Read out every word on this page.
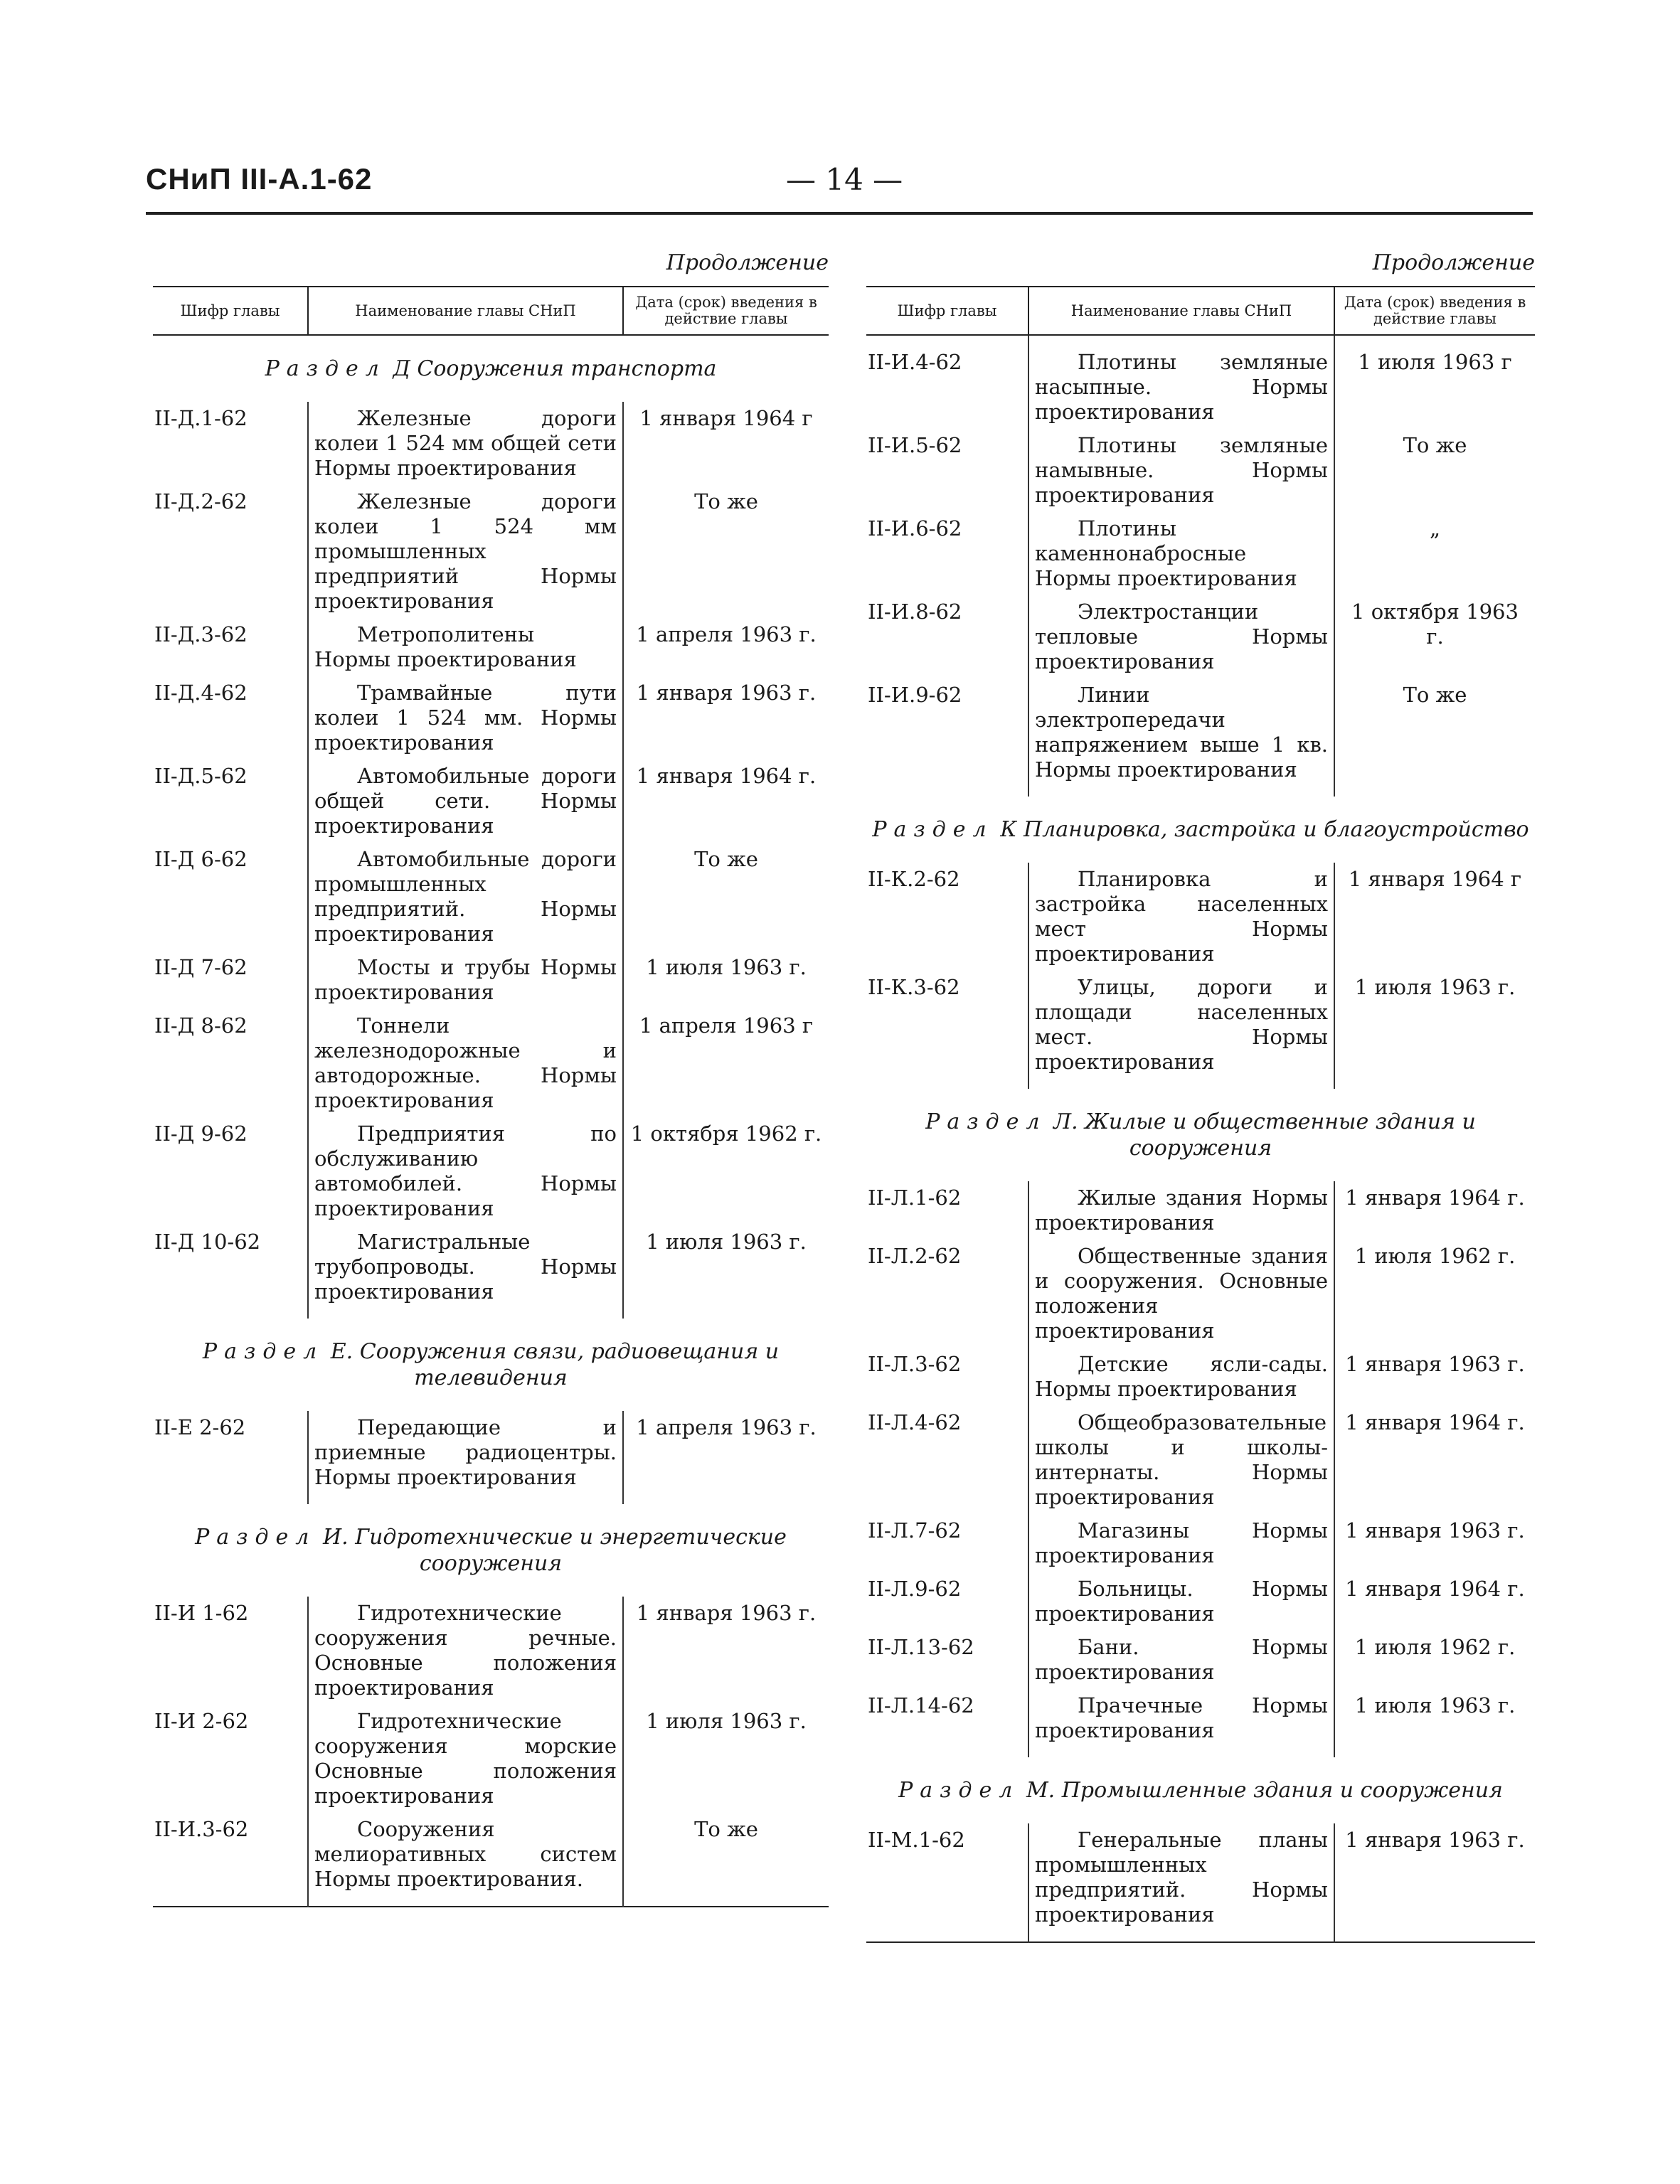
СНиП III-А.1-62	— 14 —
Продолжение
Шифр главы	Наименование главы СНиП	Дата (срок) введения в действие главы
Раздел Д Сооружения транспорта		
II-Д.1-62	Железные дороги колеи 1 524 мм общей сети Нормы проектирования	1 января 1964 г
II-Д.2-62	Железные дороги колеи 1 524 мм промышленных предприятий Нормы проектирования	То же
II-Д.3-62	Метрополитены Нормы проектирования	1 апреля 1963 г.
II-Д.4-62	Трамвайные пути колеи 1 524 мм. Нормы проектирования	1 января 1963 г.
II-Д.5-62	Автомобильные дороги общей сети. Нормы проектирования	1 января 1964 г.
II-Д 6-62	Автомобильные дороги промышленных предприятий. Нормы проектирования	То же
II-Д 7-62	Мосты и трубы Нормы проектирования	1 июля 1963 г.
II-Д 8-62	Тоннели железнодорожные и автодорожные. Нормы проектирования	1 апреля 1963 г
II-Д 9-62	Предприятия по обслуживанию автомобилей. Нормы проектирования	1 октября 1962 г.
II-Д 10-62	Магистральные трубопроводы. Нормы проектирования	1 июля 1963 г.

Раздел Е. Сооружения связи, радиовещания и телевидения		
II-Е 2-62	Передающие и приемные радиоцентры. Нормы проектирования	1 апреля 1963 г.

Раздел И. Гидротехнические и энергетические сооружения		
II-И 1-62	Гидротехнические сооружения речные. Основные положения проектирования	1 января 1963 г.
II-И 2-62	Гидротехнические сооружения морские Основные положения проектирования	1 июля 1963 г.
II-И.3-62	Сооружения мелиоративных систем Нормы проектирования.	То же

Продолжение
Шифр главы	Наименование главы СНиП	Дата (срок) введения в действие главы

II-И.4-62	Плотины земляные насыпные. Нормы проектирования	1 июля 1963 г
II-И.5-62	Плотины земляные намывные. Нормы проектирования	То же
II-И.6-62	Плотины каменнонабросные Нормы проектирования	„
II-И.8-62	Электростанции тепловые Нормы проектирования	1 октября 1963 г.
II-И.9-62	Линии электропередачи напряжением выше 1 кв. Нормы проектирования	То же

Раздел К Планировка, застройка и благоустройство		
II-К.2-62	Планировка и застройка населенных мест Нормы проектирования	1 января 1964 г
II-К.3-62	Улицы, дороги и площади населенных мест. Нормы проектирования	1 июля 1963 г.

Раздел Л. Жилые и общественные здания и сооружения		
II-Л.1-62	Жилые здания Нормы проектирования	1 января 1964 г.
II-Л.2-62	Общественные здания и сооружения. Основные положения проектирования	1 июля 1962 г.
II-Л.3-62	Детские ясли-сады. Нормы проектирования	1 января 1963 г.
II-Л.4-62	Общеобразовательные школы и школы-интернаты. Нормы проектирования	1 января 1964 г.
II-Л.7-62	Магазины Нормы проектирования	1 января 1963 г.
II-Л.9-62	Больницы. Нормы проектирования	1 января 1964 г.
II-Л.13-62	Бани. Нормы проектирования	1 июля 1962 г.
II-Л.14-62	Прачечные Нормы проектирования	1 июля 1963 г.

Раздел М. Промышленные здания и сооружения		
II-М.1-62	Генеральные планы промышленных предприятий. Нормы проектирования	1 января 1963 г.
